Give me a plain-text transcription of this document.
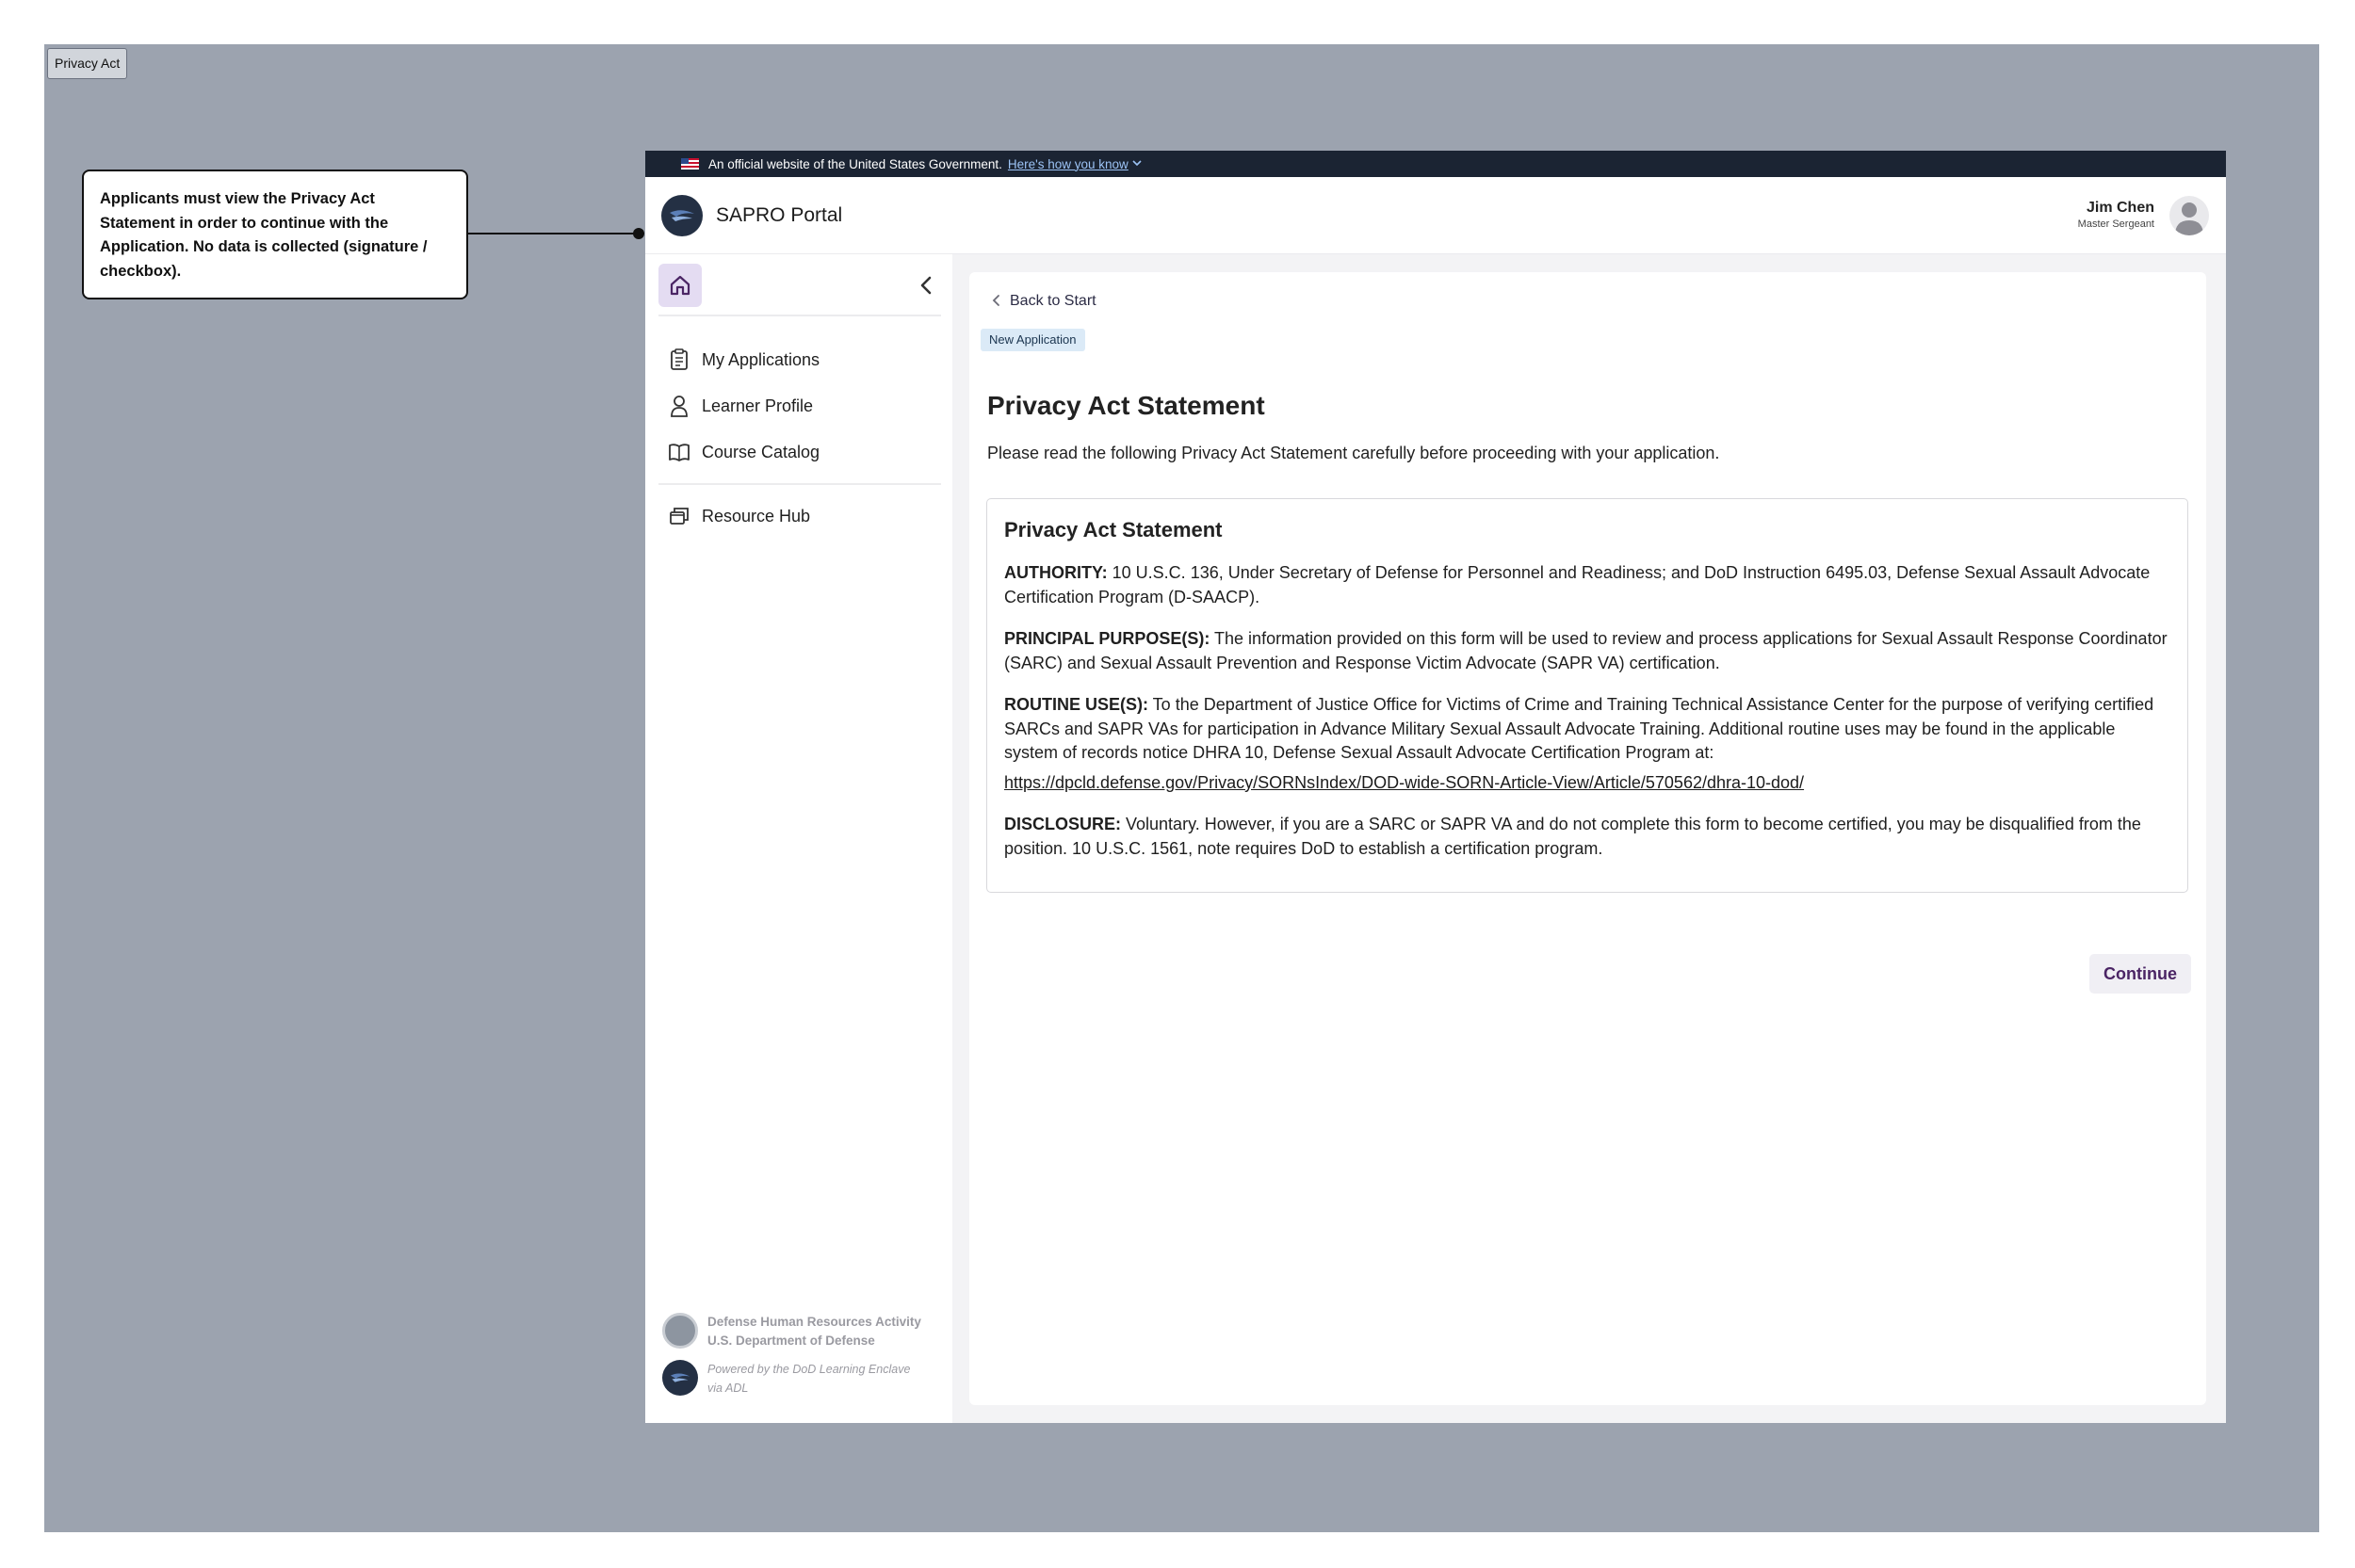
Privacy Act
Applicants must view the Privacy Act Statement in order to continue with the Application. No data is collected (signature / checkbox).
An official website of the United States Government. Here's how you know
SAPRO Portal	Jim Chen
Master Sergeant
My Applications
Learner Profile
Course Catalog
Resource Hub
Defense Human Resources Activity
U.S. Department of Defense
Powered by the DoD Learning Enclave
via ADL
Back to Start
New Application
Privacy Act Statement
Please read the following Privacy Act Statement carefully before proceeding with your application.
Privacy Act Statement

AUTHORITY: 10 U.S.C. 136, Under Secretary of Defense for Personnel and Readiness; and DoD Instruction 6495.03, Defense Sexual Assault Advocate Certification Program (D-SAACP).

PRINCIPAL PURPOSE(S): The information provided on this form will be used to review and process applications for Sexual Assault Response Coordinator (SARC) and Sexual Assault Prevention and Response Victim Advocate (SAPR VA) certification.

ROUTINE USE(S): To the Department of Justice Office for Victims of Crime and Training Technical Assistance Center for the purpose of verifying certified SARCs and SAPR VAs for participation in Advance Military Sexual Assault Advocate Training. Additional routine uses may be found in the applicable system of records notice DHRA 10, Defense Sexual Assault Advocate Certification Program at:

https://dpcld.defense.gov/Privacy/SORNsIndex/DOD-wide-SORN-Article-View/Article/570562/dhra-10-dod/

DISCLOSURE: Voluntary. However, if you are a SARC or SAPR VA and do not complete this form to become certified, you may be disqualified from the position. 10 U.S.C. 1561, note requires DoD to establish a certification program.

Continue
